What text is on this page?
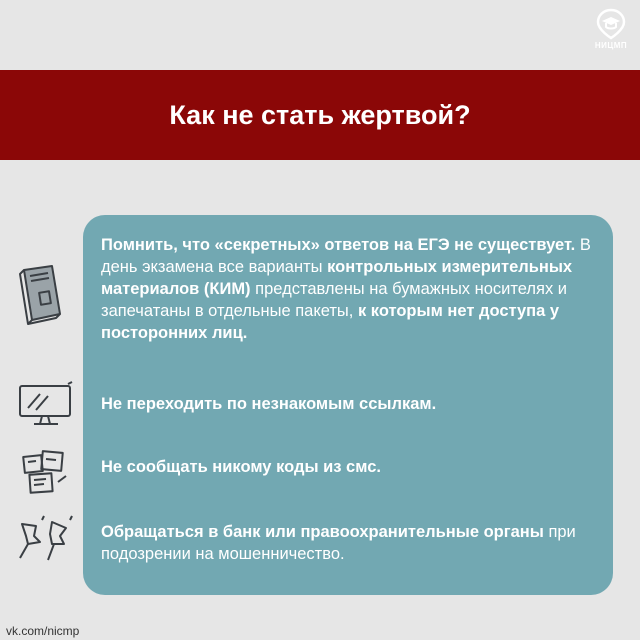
НИЦМП
Как не стать жертвой?
Помнить, что «секретных» ответов на ЕГЭ не существует. В день экзамена все варианты контрольных измерительных материалов (КИМ) представлены на бумажных носителях и запечатаны в отдельные пакеты, к которым нет доступа у посторонних лиц.
Не переходить по незнакомым ссылкам.
Не сообщать никому коды из смс.
Обращаться в банк или правоохранительные органы при подозрении на мошенничество.
vk.com/nicmp
